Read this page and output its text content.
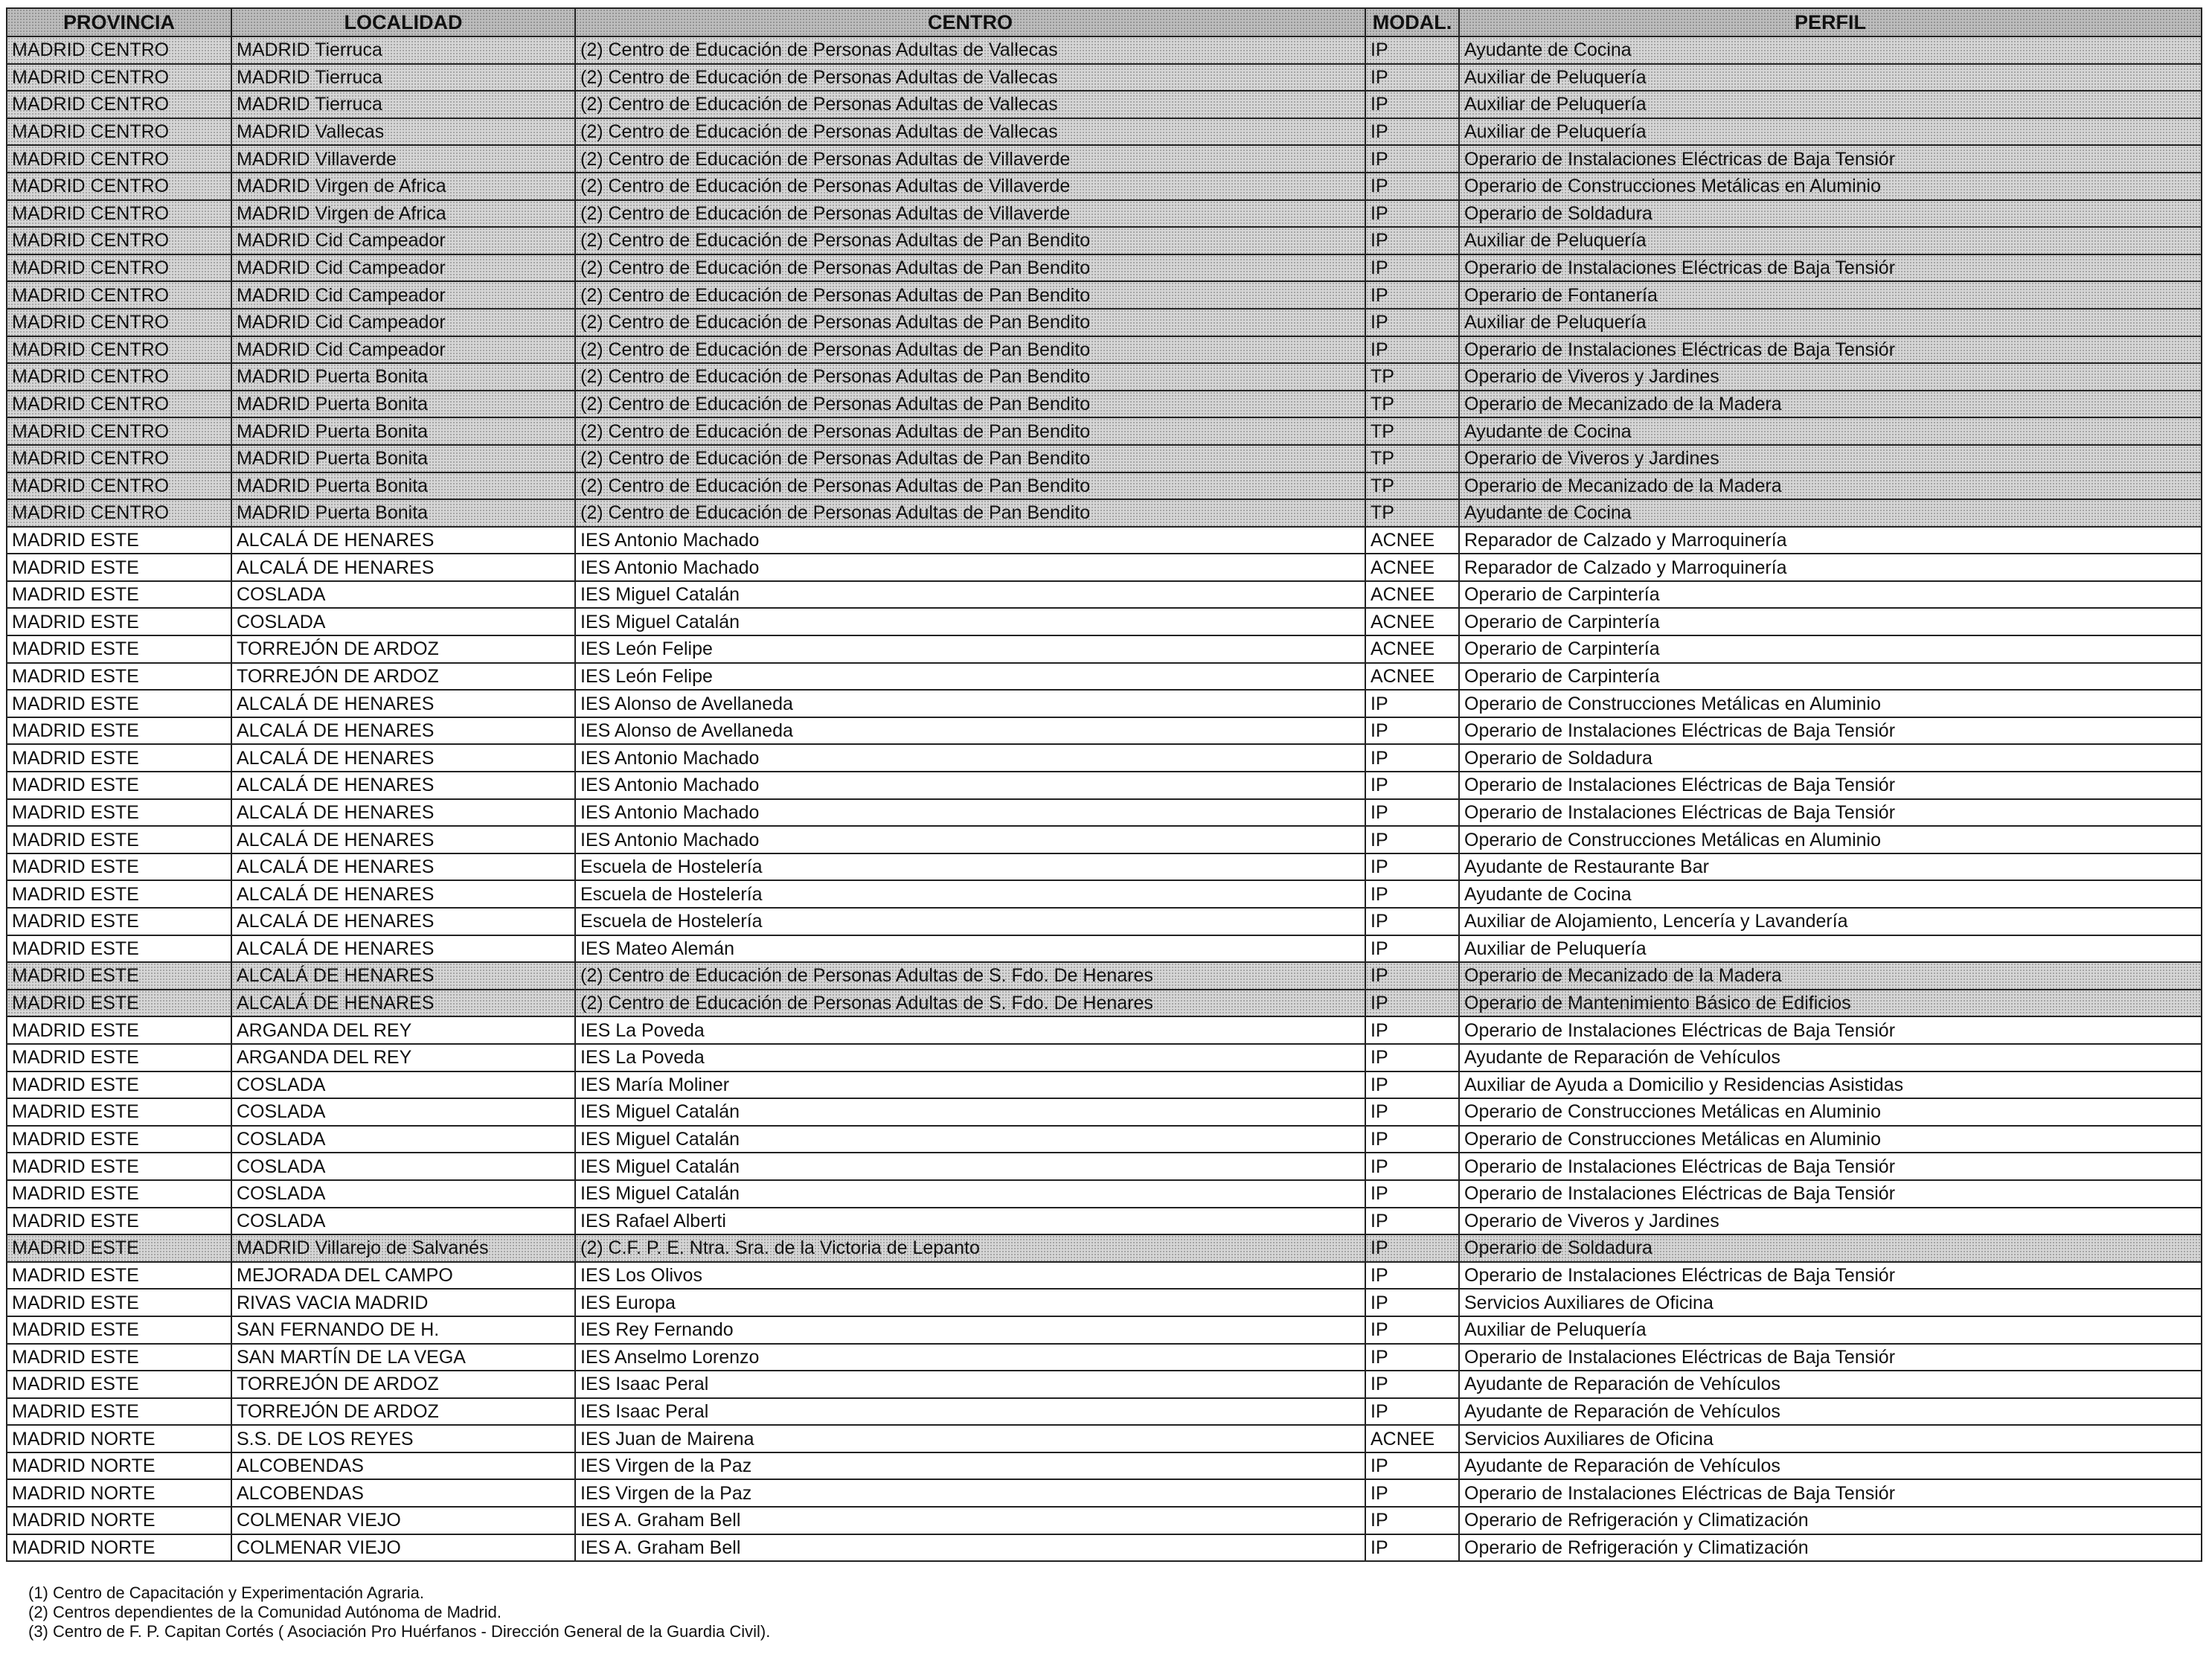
PROVINCIA	LOCALIDAD	CENTRO	MODAL.	PERFIL
MADRID CENTRO	MADRID Tierruca	(2) Centro de Educación de Personas Adultas de Vallecas	IP	Ayudante de Cocina
MADRID CENTRO	MADRID Tierruca	(2) Centro de Educación de Personas Adultas de Vallecas	IP	Auxiliar de Peluquería
MADRID CENTRO	MADRID Tierruca	(2) Centro de Educación de Personas Adultas de Vallecas	IP	Auxiliar de Peluquería
MADRID CENTRO	MADRID Vallecas	(2) Centro de Educación de Personas Adultas de Vallecas	IP	Auxiliar de Peluquería
MADRID CENTRO	MADRID Villaverde	(2) Centro de Educación de Personas Adultas de Villaverde	IP	Operario de Instalaciones Eléctricas de Baja Tensiór
MADRID CENTRO	MADRID Virgen de Africa	(2) Centro de Educación de Personas Adultas de Villaverde	IP	Operario de Construcciones Metálicas en Aluminio
MADRID CENTRO	MADRID Virgen de Africa	(2) Centro de Educación de Personas Adultas de Villaverde	IP	Operario de Soldadura
MADRID CENTRO	MADRID Cid Campeador	(2) Centro de Educación de Personas Adultas de Pan Bendito	IP	Auxiliar de Peluquería
MADRID CENTRO	MADRID Cid Campeador	(2) Centro de Educación de Personas Adultas de Pan Bendito	IP	Operario de Instalaciones Eléctricas de Baja Tensiór
MADRID CENTRO	MADRID Cid Campeador	(2) Centro de Educación de Personas Adultas de Pan Bendito	IP	Operario de Fontanería
MADRID CENTRO	MADRID Cid Campeador	(2) Centro de Educación de Personas Adultas de Pan Bendito	IP	Auxiliar de Peluquería
MADRID CENTRO	MADRID Cid Campeador	(2) Centro de Educación de Personas Adultas de Pan Bendito	IP	Operario de Instalaciones Eléctricas de Baja Tensiór
MADRID CENTRO	MADRID Puerta Bonita	(2) Centro de Educación de Personas Adultas de Pan Bendito	TP	Operario de Viveros y Jardines
MADRID CENTRO	MADRID Puerta Bonita	(2) Centro de Educación de Personas Adultas de Pan Bendito	TP	Operario de Mecanizado de la Madera
MADRID CENTRO	MADRID Puerta Bonita	(2) Centro de Educación de Personas Adultas de Pan Bendito	TP	Ayudante de Cocina
MADRID CENTRO	MADRID Puerta Bonita	(2) Centro de Educación de Personas Adultas de Pan Bendito	TP	Operario de Viveros y Jardines
MADRID CENTRO	MADRID Puerta Bonita	(2) Centro de Educación de Personas Adultas de Pan Bendito	TP	Operario de Mecanizado de la Madera
MADRID CENTRO	MADRID Puerta Bonita	(2) Centro de Educación de Personas Adultas de Pan Bendito	TP	Ayudante de Cocina
MADRID ESTE	ALCALÁ DE HENARES	IES Antonio Machado	ACNEE	Reparador de Calzado y Marroquinería
MADRID ESTE	ALCALÁ DE HENARES	IES Antonio Machado	ACNEE	Reparador de Calzado y Marroquinería
MADRID ESTE	COSLADA	IES Miguel Catalán	ACNEE	Operario de Carpintería
MADRID ESTE	COSLADA	IES Miguel Catalán	ACNEE	Operario de Carpintería
MADRID ESTE	TORREJÓN DE ARDOZ	IES León Felipe	ACNEE	Operario de Carpintería
MADRID ESTE	TORREJÓN DE ARDOZ	IES León Felipe	ACNEE	Operario de Carpintería
MADRID ESTE	ALCALÁ DE HENARES	IES Alonso de Avellaneda	IP	Operario de Construcciones Metálicas en Aluminio
MADRID ESTE	ALCALÁ DE HENARES	IES Alonso de Avellaneda	IP	Operario de Instalaciones Eléctricas de Baja Tensiór
MADRID ESTE	ALCALÁ DE HENARES	IES Antonio Machado	IP	Operario de Soldadura
MADRID ESTE	ALCALÁ DE HENARES	IES Antonio Machado	IP	Operario de Instalaciones Eléctricas de Baja Tensiór
MADRID ESTE	ALCALÁ DE HENARES	IES Antonio Machado	IP	Operario de Instalaciones Eléctricas de Baja Tensiór
MADRID ESTE	ALCALÁ DE HENARES	IES Antonio Machado	IP	Operario de Construcciones Metálicas en Aluminio
MADRID ESTE	ALCALÁ DE HENARES	Escuela de Hostelería	IP	Ayudante de Restaurante Bar
MADRID ESTE	ALCALÁ DE HENARES	Escuela de Hostelería	IP	Ayudante de Cocina
MADRID ESTE	ALCALÁ DE HENARES	Escuela de Hostelería	IP	Auxiliar de Alojamiento, Lencería y Lavandería
MADRID ESTE	ALCALÁ DE HENARES	IES Mateo Alemán	IP	Auxiliar de Peluquería
MADRID ESTE	ALCALÁ DE HENARES	(2) Centro de Educación de Personas Adultas de S. Fdo. De Henares	IP	Operario de Mecanizado de la Madera
MADRID ESTE	ALCALÁ DE HENARES	(2) Centro de Educación de Personas Adultas de S. Fdo. De Henares	IP	Operario de Mantenimiento Básico de Edificios
MADRID ESTE	ARGANDA DEL REY	IES La Poveda	IP	Operario de Instalaciones Eléctricas de Baja Tensiór
MADRID ESTE	ARGANDA DEL REY	IES La Poveda	IP	Ayudante de Reparación de Vehículos
MADRID ESTE	COSLADA	IES María Moliner	IP	Auxiliar de Ayuda a Domicilio y Residencias Asistidas
MADRID ESTE	COSLADA	IES Miguel Catalán	IP	Operario de Construcciones Metálicas en Aluminio
MADRID ESTE	COSLADA	IES Miguel Catalán	IP	Operario de Construcciones Metálicas en Aluminio
MADRID ESTE	COSLADA	IES Miguel Catalán	IP	Operario de Instalaciones Eléctricas de Baja Tensiór
MADRID ESTE	COSLADA	IES Miguel Catalán	IP	Operario de Instalaciones Eléctricas de Baja Tensiór
MADRID ESTE	COSLADA	IES Rafael Alberti	IP	Operario de Viveros y Jardines
MADRID ESTE	MADRID Villarejo de Salvanés	(2) C.F. P. E. Ntra. Sra. de la Victoria de Lepanto	IP	Operario de Soldadura
MADRID ESTE	MEJORADA DEL CAMPO	IES Los Olivos	IP	Operario de Instalaciones Eléctricas de Baja Tensiór
MADRID ESTE	RIVAS VACIA MADRID	IES Europa	IP	Servicios Auxiliares de Oficina
MADRID ESTE	SAN FERNANDO DE H.	IES Rey Fernando	IP	Auxiliar de Peluquería
MADRID ESTE	SAN MARTÍN DE LA VEGA	IES Anselmo Lorenzo	IP	Operario de Instalaciones Eléctricas de Baja Tensiór
MADRID ESTE	TORREJÓN DE ARDOZ	IES Isaac Peral	IP	Ayudante de Reparación de Vehículos
MADRID ESTE	TORREJÓN DE ARDOZ	IES Isaac Peral	IP	Ayudante de Reparación de Vehículos
MADRID NORTE	S.S. DE LOS REYES	IES Juan de Mairena	ACNEE	Servicios Auxiliares de Oficina
MADRID NORTE	ALCOBENDAS	IES Virgen de la Paz	IP	Ayudante de Reparación de Vehículos
MADRID NORTE	ALCOBENDAS	IES Virgen de la Paz	IP	Operario de Instalaciones Eléctricas de Baja Tensiór
MADRID NORTE	COLMENAR VIEJO	IES A. Graham Bell	IP	Operario de Refrigeración y Climatización
MADRID NORTE	COLMENAR VIEJO	IES A. Graham Bell	IP	Operario de Refrigeración y Climatización
(1) Centro de Capacitación y Experimentación Agraria.
(2) Centros dependientes de la Comunidad Autónoma de Madrid.
(3) Centro de F. P. Capitan Cortés ( Asociación Pro Huérfanos - Dirección General de la Guardia Civil).
